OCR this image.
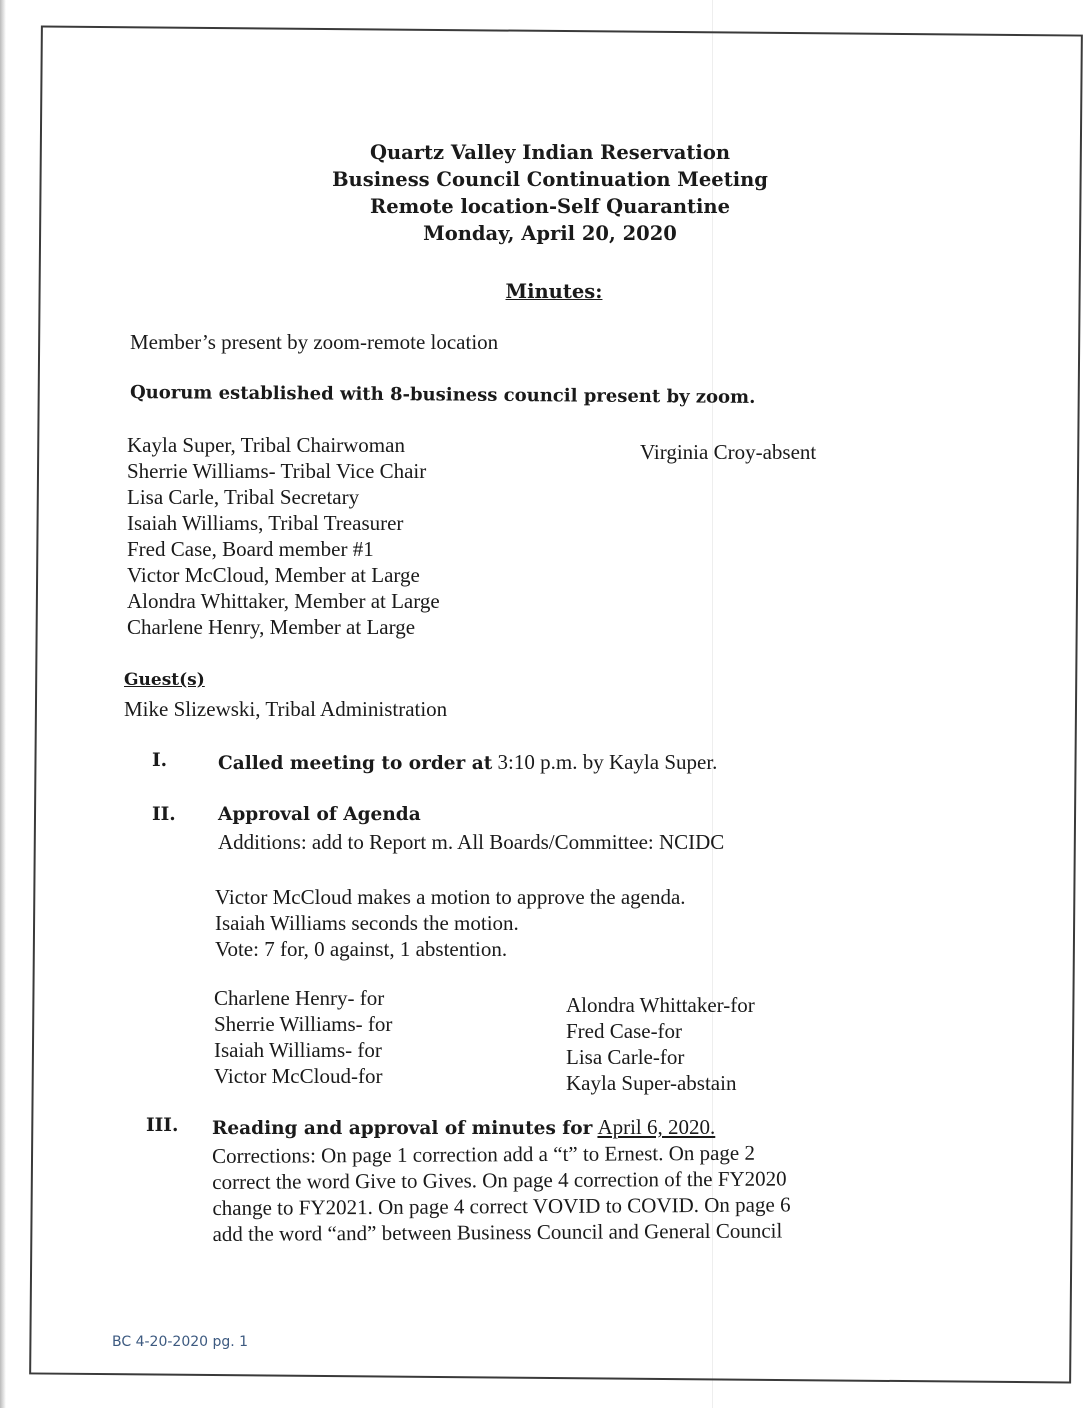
Quartz Valley Indian Reservation
Business Council Continuation Meeting
Remote location-Self Quarantine
Monday, April 20, 2020
Minutes:
Member’s present by zoom-remote location
Quorum established with 8-business council present by zoom.
Kayla Super, Tribal Chairwoman
Sherrie Williams- Tribal Vice Chair
Lisa Carle, Tribal Secretary
Isaiah Williams, Tribal Treasurer
Fred Case, Board member #1
Victor McCloud, Member at Large
Alondra Whittaker, Member at Large
Charlene Henry, Member at Large
Virginia Croy-absent
Guest(s)
Mike Slizewski, Tribal Administration
I.	Called meeting to order at 3:10 p.m. by Kayla Super.
II. Approval of Agenda
Additions: add to Report m. All Boards/Committee: NCIDC
Victor McCloud makes a motion to approve the agenda.
Isaiah Williams seconds the motion.
Vote: 7 for, 0 against, 1 abstention.
Charlene Henry- for
Sherrie Williams- for
Isaiah Williams- for
Victor McCloud-for
Alondra Whittaker-for
Fred Case-for
Lisa Carle-for
Kayla Super-abstain
III. Reading and approval of minutes for April 6, 2020.
Corrections: On page 1 correction add a “t” to Ernest. On page 2
correct the word Give to Gives. On page 4 correction of the FY2020
change to FY2021. On page 4 correct VOVID to COVID. On page 6
add the word “and” between Business Council and General Council
BC 4-20-2020 pg. 1
